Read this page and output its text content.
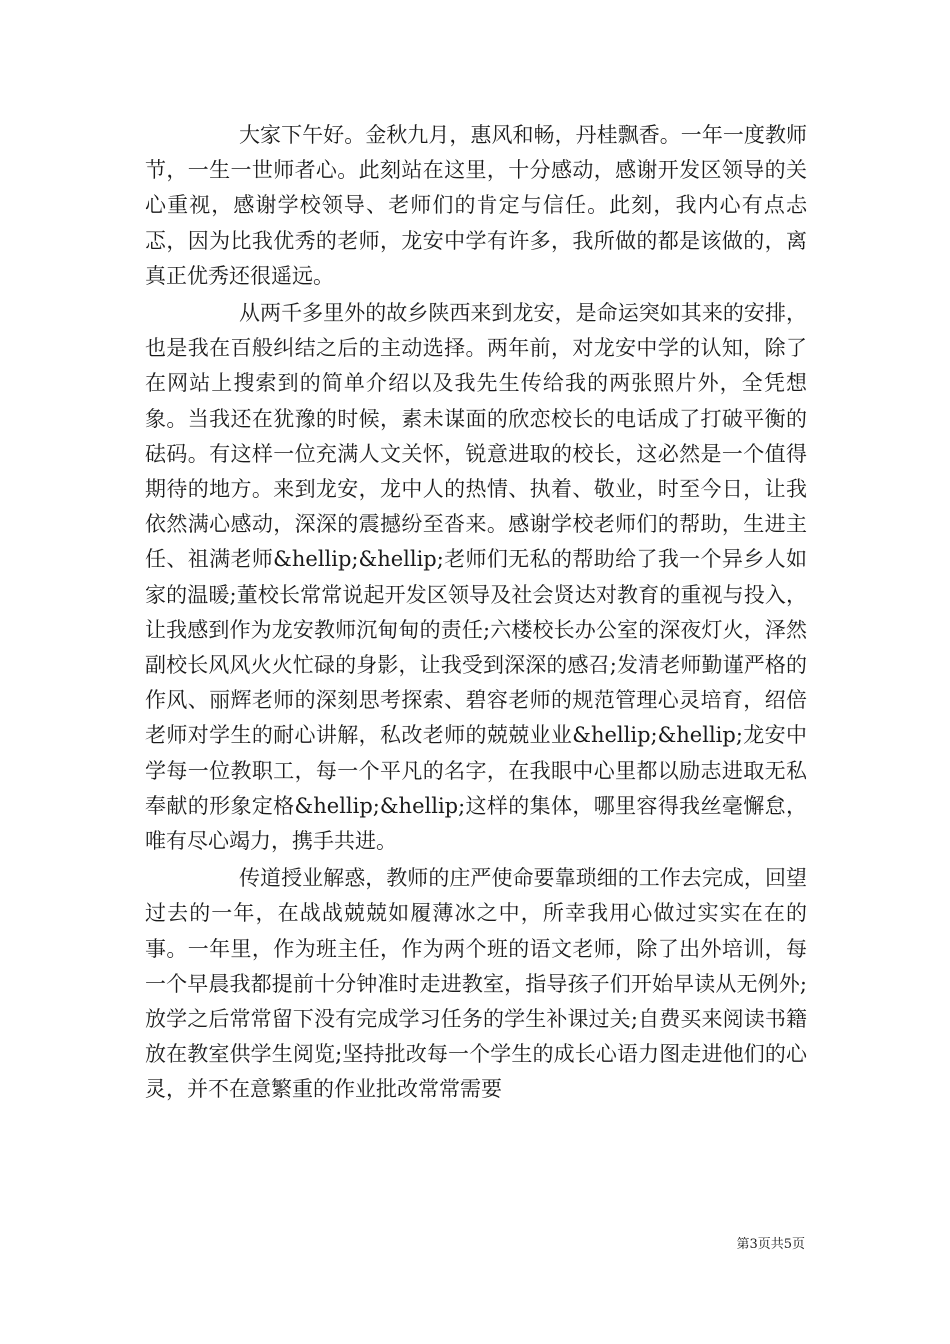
大家下午好。金秋九月，惠风和畅，丹桂飘香。一年一度教师节，一生一世师者心。此刻站在这里，十分感动，感谢开发区领导的关心重视，感谢学校领导、老师们的肯定与信任。此刻，我内心有点忐忑，因为比我优秀的老师，龙安中学有许多，我所做的都是该做的，离真正优秀还很遥远。

从两千多里外的故乡陕西来到龙安，是命运突如其来的安排，也是我在百般纠结之后的主动选择。两年前，对龙安中学的认知，除了在网站上搜索到的简单介绍以及我先生传给我的两张照片外，全凭想象。当我还在犹豫的时候，素未谋面的欣恋校长的电话成了打破平衡的砝码。有这样一位充满人文关怀，锐意进取的校长，这必然是一个值得期待的地方。来到龙安，龙中人的热情、执着、敬业，时至今日，让我依然满心感动，深深的震撼纷至沓来。感谢学校老师们的帮助，生进主任、祖满老师&hellip;&hellip;老师们无私的帮助给了我一个异乡人如家的温暖;董校长常常说起开发区领导及社会贤达对教育的重视与投入，让我感到作为龙安教师沉甸甸的责任;六楼校长办公室的深夜灯火，泽然副校长风风火火忙碌的身影，让我受到深深的感召;发清老师勤谨严格的作风、丽辉老师的深刻思考探索、碧容老师的规范管理心灵培育，绍倍老师对学生的耐心讲解，私改老师的兢兢业业&hellip;&hellip;龙安中学每一位教职工，每一个平凡的名字，在我眼中心里都以励志进取无私奉献的形象定格&hellip;&hellip;这样的集体，哪里容得我丝毫懈怠，唯有尽心竭力，携手共进。

传道授业解惑，教师的庄严使命要靠琐细的工作去完成，回望过去的一年，在战战兢兢如履薄冰之中，所幸我用心做过实实在在的事。一年里，作为班主任，作为两个班的语文老师，除了出外培训，每一个早晨我都提前十分钟准时走进教室，指导孩子们开始早读从无例外;放学之后常常留下没有完成学习任务的学生补课过关;自费买来阅读书籍放在教室供学生阅览;坚持批改每一个学生的成长心语力图走进他们的心灵，并不在意繁重的作业批改常常需要

第3页共5页
